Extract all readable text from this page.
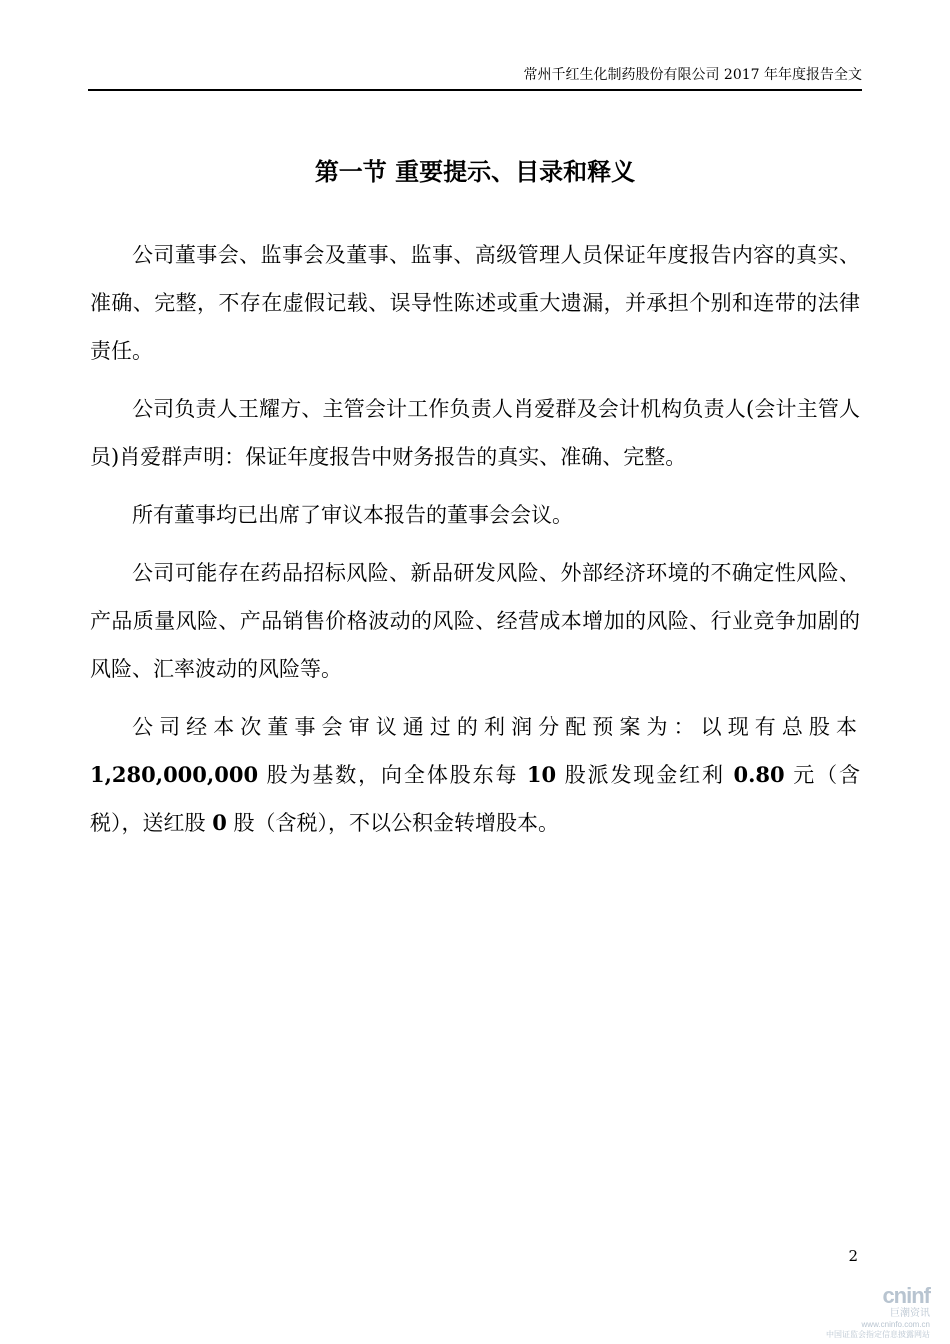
常州千红生化制药股份有限公司 2017 年年度报告全文
第一节 重要提示、目录和释义

公司董事会、监事会及董事、监事、高级管理人员保证年度报告内容的真实、准确、完整，不存在虚假记载、误导性陈述或重大遗漏，并承担个别和连带的法律责任。

公司负责人王耀方、主管会计工作负责人肖爱群及会计机构负责人(会计主管人员)肖爱群声明：保证年度报告中财务报告的真实、准确、完整。

所有董事均已出席了审议本报告的董事会会议。

公司可能存在药品招标风险、新品研发风险、外部经济环境的不确定性风险、产品质量风险、产品销售价格波动的风险、经营成本增加的风险、行业竞争加剧的风险、汇率波动的风险等。

公司经本次董事会审议通过的利润分配预案为：以现有总股本1,280,000,000 股为基数，向全体股东每 10 股派发现金红利 0.80 元（含税），送红股 0 股（含税），不以公积金转增股本。

2
cninf
巨潮资讯
www.cninfo.com.cn
中国证监会指定信息披露网站
